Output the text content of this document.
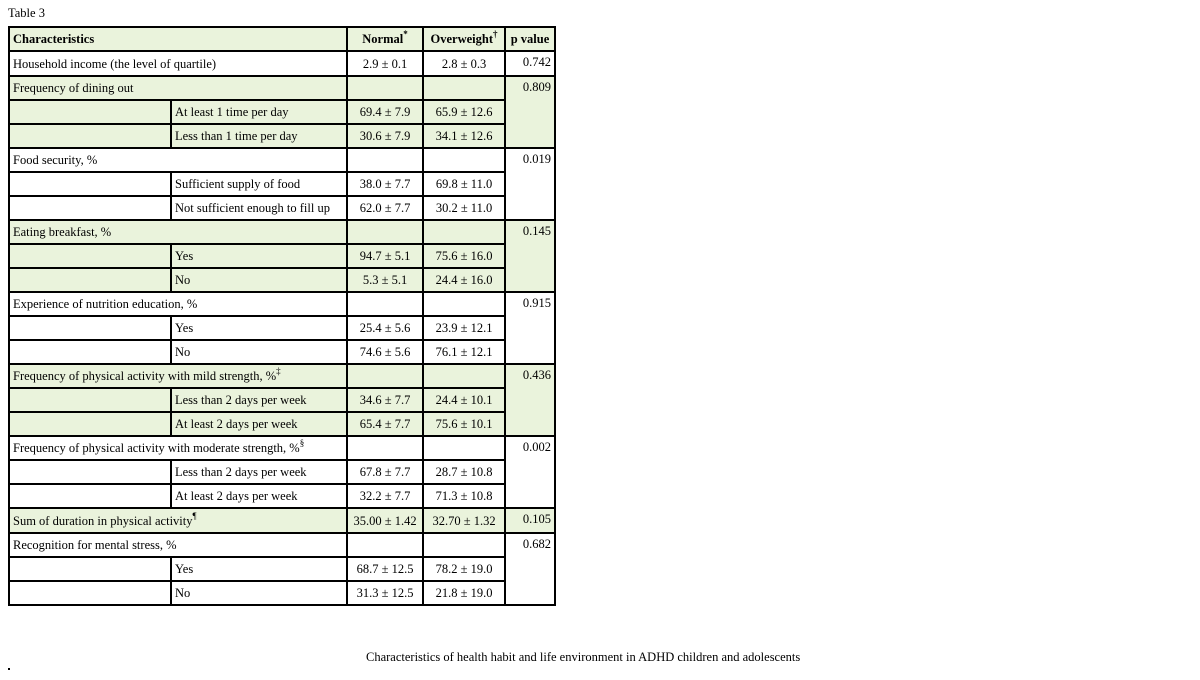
Table 3
Characteristics		Normal*	Overweight†	p value
Household income (the level of quartile)		2.9 ± 0.1	2.8 ± 0.3	0.742
Frequency of dining out				0.809
	At least 1 time per day	69.4 ± 7.9	65.9 ± 12.6	
	Less than 1 time per day	30.6 ± 7.9	34.1 ± 12.6	
Food security, %				0.019
	Sufficient supply of food	38.0 ± 7.7	69.8 ± 11.0	
	Not sufficient enough to fill up	62.0 ± 7.7	30.2 ± 11.0	
Eating breakfast, %				0.145
	Yes	94.7 ± 5.1	75.6 ± 16.0	
	No	5.3 ± 5.1	24.4 ± 16.0	
Experience of nutrition education, %				0.915
	Yes	25.4 ± 5.6	23.9 ± 12.1	
	No	74.6 ± 5.6	76.1 ± 12.1	
Frequency of physical activity with mild strength, %‡				0.436
	Less than 2 days per week	34.6 ± 7.7	24.4 ± 10.1	
	At least 2 days per week	65.4 ± 7.7	75.6 ± 10.1	
Frequency of physical activity with moderate strength, %§				0.002
	Less than 2 days per week	67.8 ± 7.7	28.7 ± 10.8	
	At least 2 days per week	32.2 ± 7.7	71.3 ± 10.8	
Sum of duration in physical activity¶		35.00 ± 1.42	32.70 ± 1.32	0.105
Recognition for mental stress, %				0.682
	Yes	68.7 ± 12.5	78.2 ± 19.0	
	No	31.3 ± 12.5	21.8 ± 19.0	
Characteristics of health habit and life environment in ADHD children and adolescents
